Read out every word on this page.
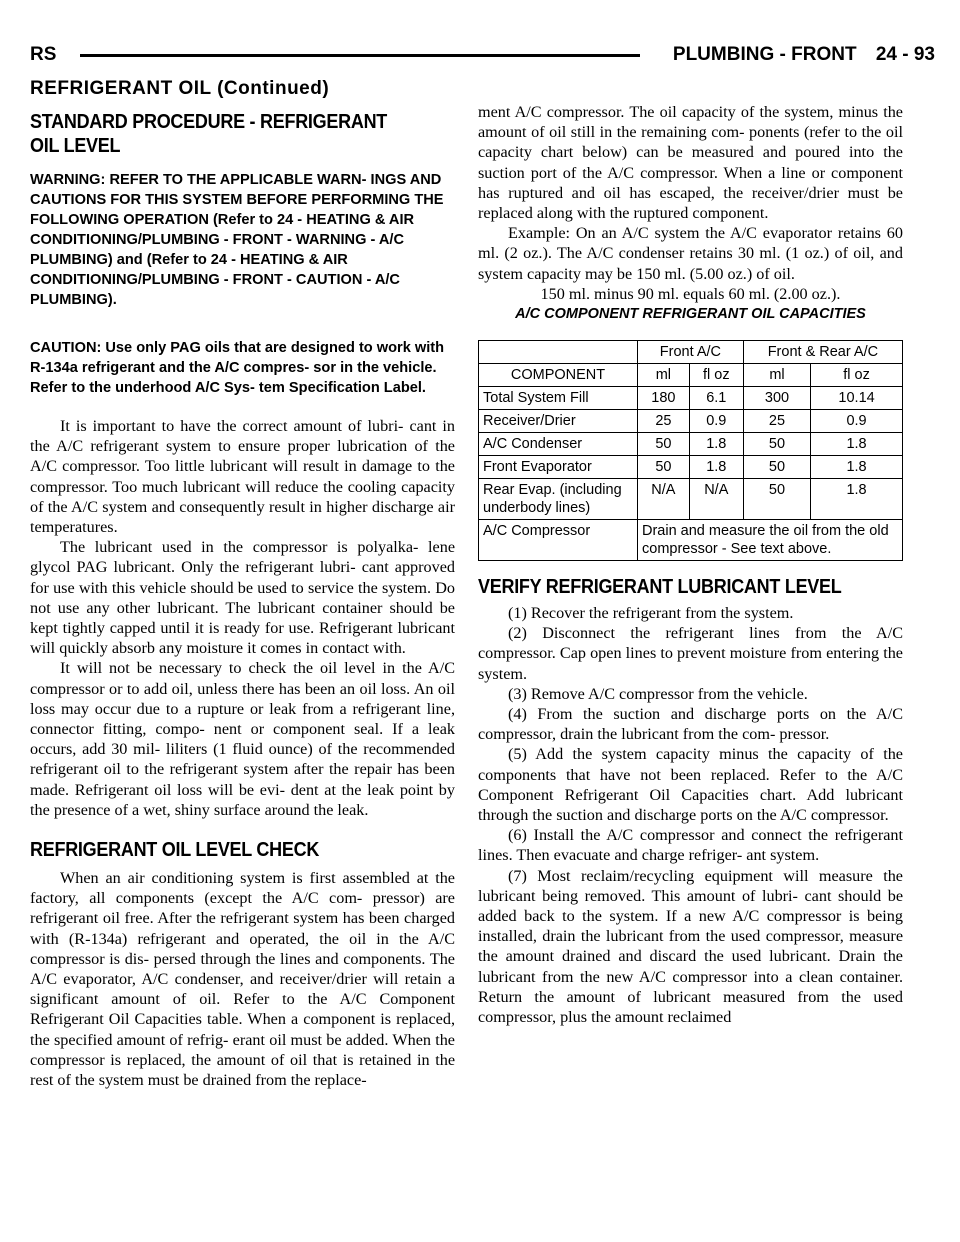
RS	PLUMBING - FRONT 24 - 93
REFRIGERANT OIL (Continued)
STANDARD PROCEDURE - REFRIGERANT OIL LEVEL
WARNING: REFER TO THE APPLICABLE WARN- INGS AND CAUTIONS FOR THIS SYSTEM BEFORE PERFORMING THE FOLLOWING OPERATION (Refer to 24 - HEATING & AIR CONDITIONING/PLUMBING - FRONT - WARNING - A/C PLUMBING) and (Refer to 24 - HEATING & AIR CONDITIONING/PLUMBING - FRONT - CAUTION - A/C PLUMBING).
CAUTION: Use only PAG oils that are designed to work with R-134a refrigerant and the A/C compres- sor in the vehicle. Refer to the underhood A/C Sys- tem Specification Label.

It is important to have the correct amount of lubri- cant in the A/C refrigerant system to ensure proper lubrication of the A/C compressor. Too little lubricant will result in damage to the compressor. Too much lubricant will reduce the cooling capacity of the A/C system and consequently result in higher discharge air temperatures.

The lubricant used in the compressor is polyalka- lene glycol PAG lubricant. Only the refrigerant lubri- cant approved for use with this vehicle should be used to service the system. Do not use any other lubricant. The lubricant container should be kept tightly capped until it is ready for use. Refrigerant lubricant will quickly absorb any moisture it comes in contact with.

It will not be necessary to check the oil level in the A/C compressor or to add oil, unless there has been an oil loss. An oil loss may occur due to a rupture or leak from a refrigerant line, connector fitting, compo- nent or component seal. If a leak occurs, add 30 mil- liliters (1 fluid ounce) of the recommended refrigerant oil to the refrigerant system after the repair has been made. Refrigerant oil loss will be evi- dent at the leak point by the presence of a wet, shiny surface around the leak.

REFRIGERANT OIL LEVEL CHECK

When an air conditioning system is first assembled at the factory, all components (except the A/C com- pressor) are refrigerant oil free. After the refrigerant system has been charged with (R-134a) refrigerant and operated, the oil in the A/C compressor is dis- persed through the lines and components. The A/C evaporator, A/C condenser, and receiver/drier will retain a significant amount of oil. Refer to the A/C Component Refrigerant Oil Capacities table. When a component is replaced, the specified amount of refrig- erant oil must be added. When the compressor is replaced, the amount of oil that is retained in the rest of the system must be drained from the replace-

ment A/C compressor. The oil capacity of the system, minus the amount of oil still in the remaining com- ponents (refer to the oil capacity chart below) can be measured and poured into the suction port of the A/C compressor. When a line or component has ruptured and oil has escaped, the receiver/drier must be replaced along with the ruptured component.

Example: On an A/C system the A/C evaporator retains 60 ml. (2 oz.). The A/C condenser retains 30 ml. (1 oz.) of oil, and system capacity may be 150 ml. (5.00 oz.) of oil.

150 ml. minus 90 ml. equals 60 ml. (2.00 oz.).

A/C COMPONENT REFRIGERANT OIL CAPACITIES
	Front A/C		Front & Rear A/C	
COMPONENT	ml	fl oz	ml	fl oz
Total System Fill	180	6.1	300	10.14
Receiver/Drier	25	0.9	25	0.9
A/C Condenser	50	1.8	50	1.8
Front Evaporator	50	1.8	50	1.8
Rear Evap. (including underbody lines)	N/A	N/A	50	1.8
A/C Compressor	Drain and measure the oil from the old compressor - See text above.			
VERIFY REFRIGERANT LUBRICANT LEVEL

(1) Recover the refrigerant from the system.

(2) Disconnect the refrigerant lines from the A/C compressor. Cap open lines to prevent moisture from entering the system.

(3) Remove A/C compressor from the vehicle.

(4) From the suction and discharge ports on the A/C compressor, drain the lubricant from the com- pressor.

(5) Add the system capacity minus the capacity of the components that have not been replaced. Refer to the A/C Component Refrigerant Oil Capacities chart. Add lubricant through the suction and discharge ports on the A/C compressor.

(6) Install the A/C compressor and connect the refrigerant lines. Then evacuate and charge refriger- ant system.

(7) Most reclaim/recycling equipment will measure the lubricant being removed. This amount of lubri- cant should be added back to the system. If a new A/C compressor is being installed, drain the lubricant from the used compressor, measure the amount drained and discard the used lubricant. Drain the lubricant from the new A/C compressor into a clean container. Return the amount of lubricant measured from the used compressor, plus the amount reclaimed
